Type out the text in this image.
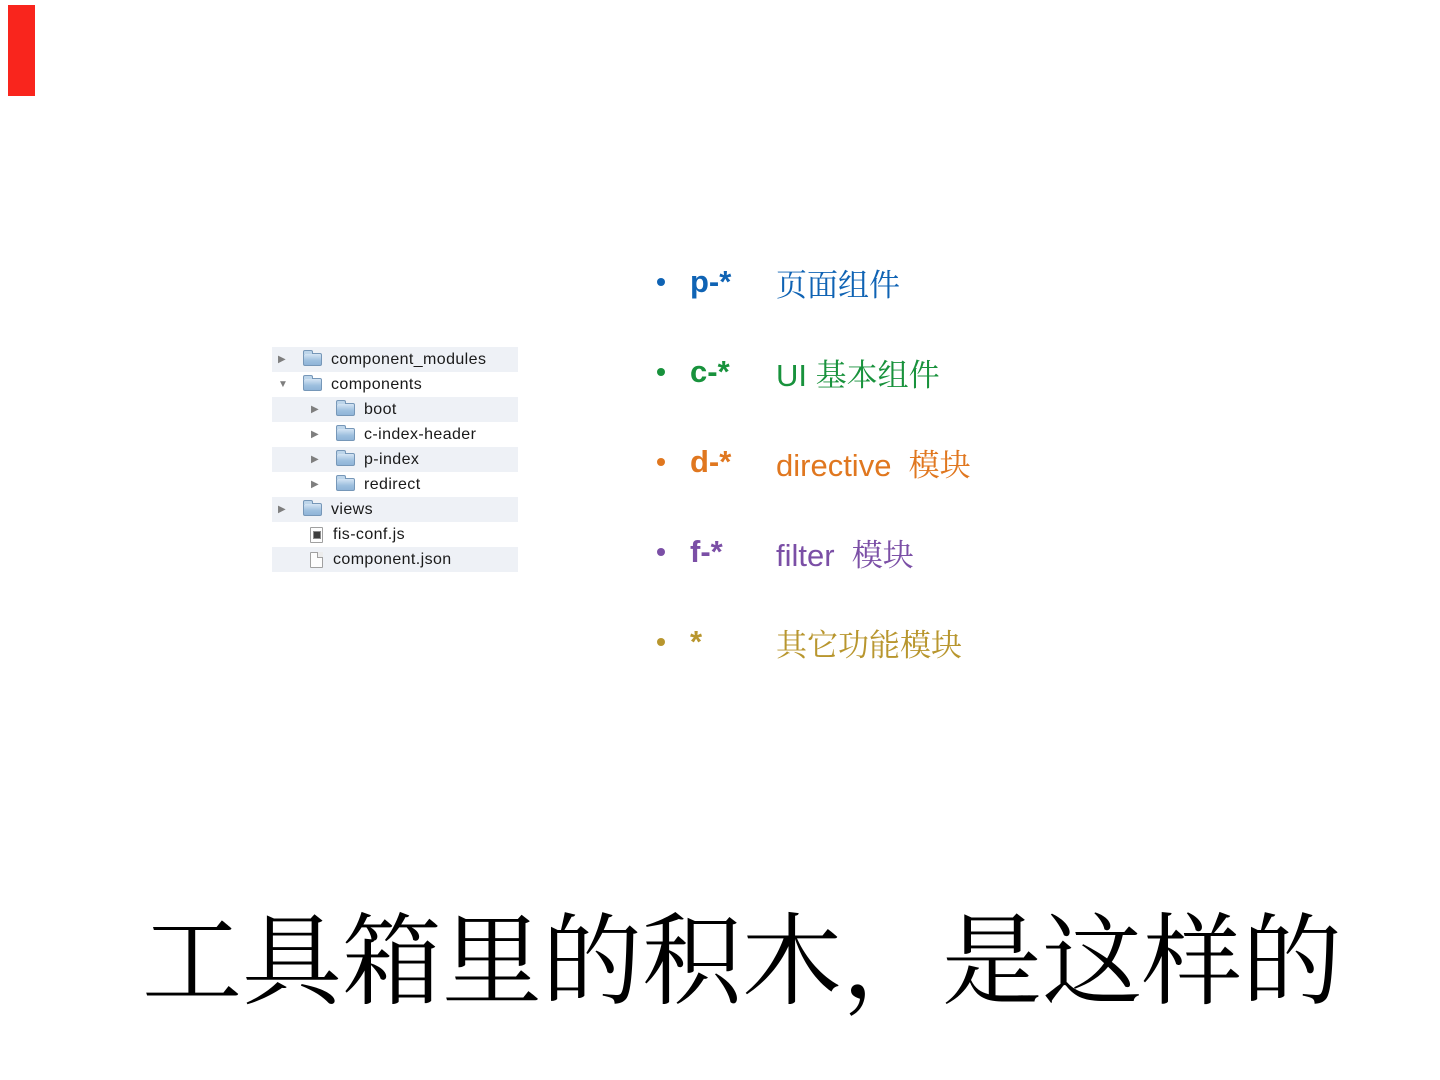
▶	component_modules
▼	components
▶	boot
▶	c-index-header
▶	p-index
▶	redirect
▶	views
fis-conf.js
component.json
p-*	页面组件
c-*	UI 基本组件
d-*	directive  模块
f-*	filter  模块
*	其它功能模块
工具箱里的积木，是这样的
